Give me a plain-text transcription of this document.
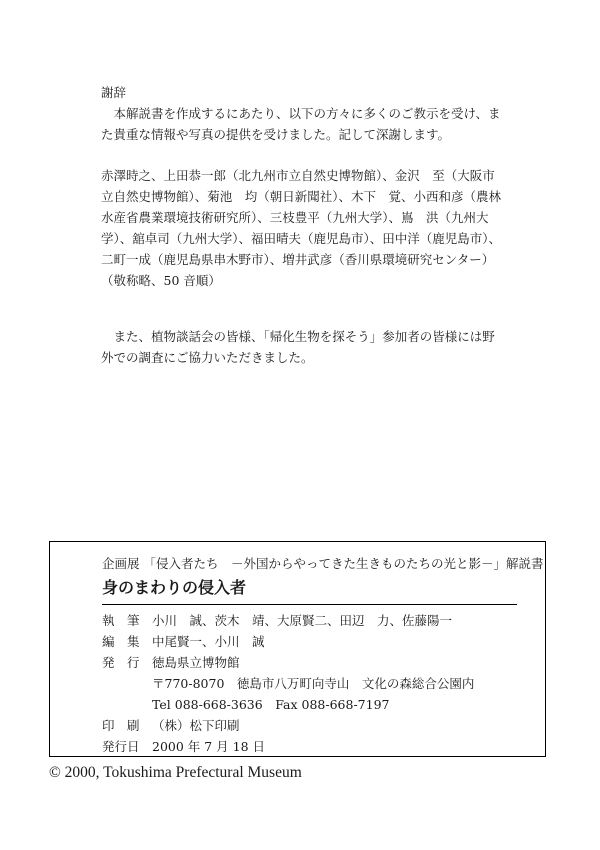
謝辞

本解説書を作成するにあたり、以下の方々に多くのご教示を受け、また貴重な情報や写真の提供を受けました。記して深謝します。

赤澤時之、上田恭一郎（北九州市立自然史博物館）、金沢　至（大阪市立自然史博物館）、菊池　均（朝日新聞社）、木下　覚、小西和彦（農林水産省農業環境技術研究所）、三枝豊平（九州大学）、嶌　洪（九州大学）、舘卓司（九州大学）、福田晴夫（鹿児島市）、田中洋（鹿児島市）、二町一成（鹿児島県串木野市）、増井武彦（香川県環境研究センター）

（敬称略、50 音順）

また、植物談話会の皆様、「帰化生物を探そう」参加者の皆様には野外での調査にご協力いただきました。

企画展 「侵入者たち　－外国からやってきた生きものたちの光と影－」解説書
身のまわりの侵入者
執　筆 小川　誠、茨木　靖、大原賢二、田辺　力、佐藤陽一
編　集 中尾賢一、小川　誠
発　行 徳島県立博物館
〒770-8070　徳島市八万町向寺山　文化の森総合公園内
Tel 088-668-3636　Fax 088-668-7197
印　刷 （株）松下印刷
発行日 2000 年 7 月 18 日
© 2000, Tokushima Prefectural Museum
